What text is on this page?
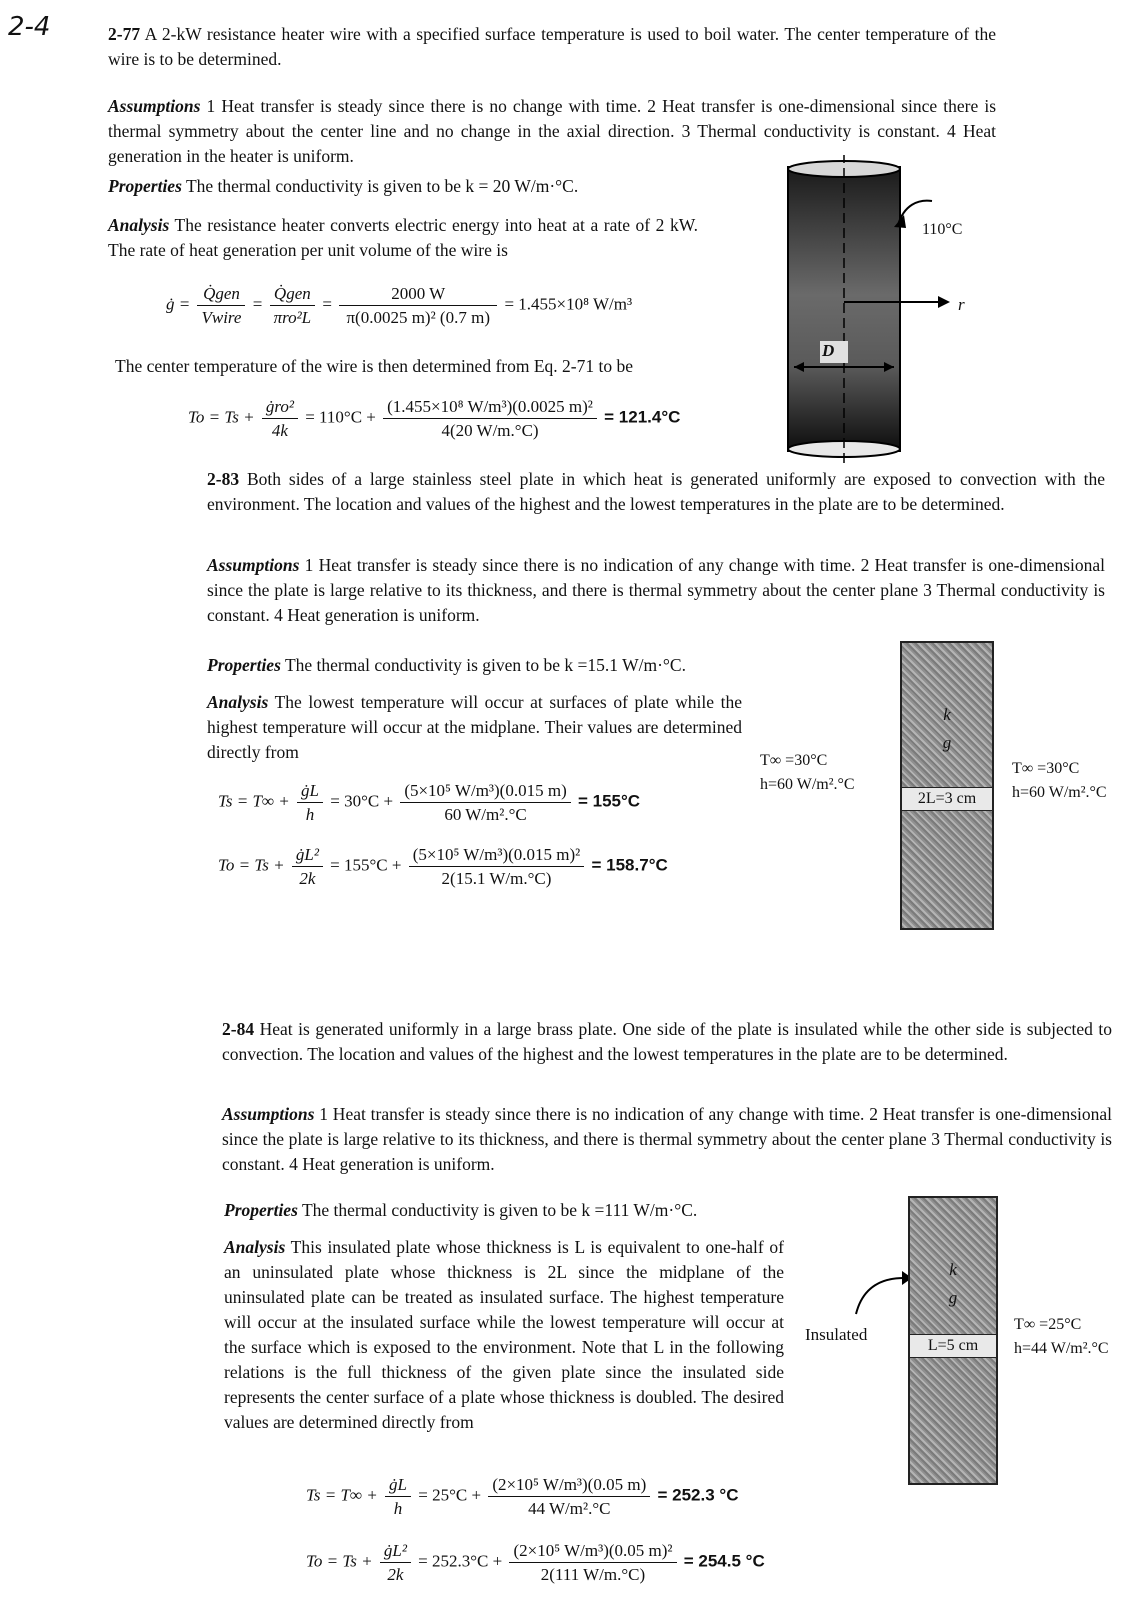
2-4	2-77 A 2-kW resistance heater wire with a specified surface temperature is used to boil water. The center temperature of the wire is to be determined.
Assumptions 1 Heat transfer is steady since there is no change with time. 2 Heat transfer is one-dimensional since there is thermal symmetry about the center line and no change in the axial direction. 3 Thermal conductivity is constant. 4 Heat generation in the heater is uniform.
Properties The thermal conductivity is given to be k = 20 W/m·°C.
Analysis The resistance heater converts electric energy into heat at a rate of 2 kW. The rate of heat generation per unit volume of the wire is
ġ = $\frac{\text{Q̇gen}}{\text{Vwire}} = \frac{\text{Q̇gen}}{\text{πro²L}} = \frac{2000 W}{\text{π(0.0025 m)² (0.7 m)}} = 1.455\times 10^8$ W/m³
The center temperature of the wire is then determined from Eq. 2-71 to be
$To = Ts + \frac{\text{ġro²}}{4k} = 110^\circ C + \frac{\text{(1.455×10⁸ W/m³)(0.0025 m)²}}{4(20 W/m.^\circ C)} = 121.4^\circ C$
110°C
r
D
2-83 Both sides of a large stainless steel plate in which heat is generated uniformly are exposed to convection with the environment. The location and values of the highest and the lowest temperatures in the plate are to be determined.
Assumptions 1 Heat transfer is steady since there is no indication of any change with time. 2 Heat transfer is one-dimensional since the plate is large relative to its thickness, and there is thermal symmetry about the center plane 3 Thermal conductivity is constant. 4 Heat generation is uniform.
Properties The thermal conductivity is given to be k =15.1 W/m·°C.
Analysis The lowest temperature will occur at surfaces of plate while the highest temperature will occur at the midplane. Their values are determined directly from
$Ts = T\infty + \frac{ġL}{h} = 30^\circ C + \frac{\text{(5×10⁵ W/m³)(0.015 m)}}{\text{60 W/m².°C}} = 155^\circ C$
$To = Ts + \frac{\text{ġL²}}{2k} = 155^\circ C + \frac{\text{(5×10⁵ W/m³)(0.015 m)²}}{2(15.1 W/m.^\circ C)} = 158.7^\circ C$
T∞ =30°C
h=60 W/m².°C
k
g
2L=3 cm
T∞ =30°C
h=60 W/m².°C
2-84 Heat is generated uniformly in a large brass plate. One side of the plate is insulated while the other side is subjected to convection. The location and values of the highest and the lowest temperatures in the plate are to be determined.
Assumptions 1 Heat transfer is steady since there is no indication of any change with time. 2 Heat transfer is one-dimensional since the plate is large relative to its thickness, and there is thermal symmetry about the center plane 3 Thermal conductivity is constant. 4 Heat generation is uniform.
Properties The thermal conductivity is given to be k =111 W/m·°C.
Analysis This insulated plate whose thickness is L is equivalent to one-half of an uninsulated plate whose thickness is 2L since the midplane of the uninsulated plate can be treated as insulated surface. The highest temperature will occur at the insulated surface while the lowest temperature will occur at the surface which is exposed to the environment. Note that L in the following relations is the full thickness of the given plate since the insulated side represents the center surface of a plate whose thickness is doubled. The desired values are determined directly from
$Ts = T\infty + \frac{ġL}{h} = 25^\circ C + \frac{\text{(2×10⁵ W/m³)(0.05 m)}}{\text{44 W/m².°C}} = 252.3$ °C
$To = Ts + \frac{\text{ġL²}}{2k} = 252.3^\circ C + \frac{\text{(2×10⁵ W/m³)(0.05 m)²}}{2(111 W/m.^\circ C)} = 254.5$ °C
Insulated
k
g
L=5 cm
T∞ =25°C
h=44 W/m².°C
